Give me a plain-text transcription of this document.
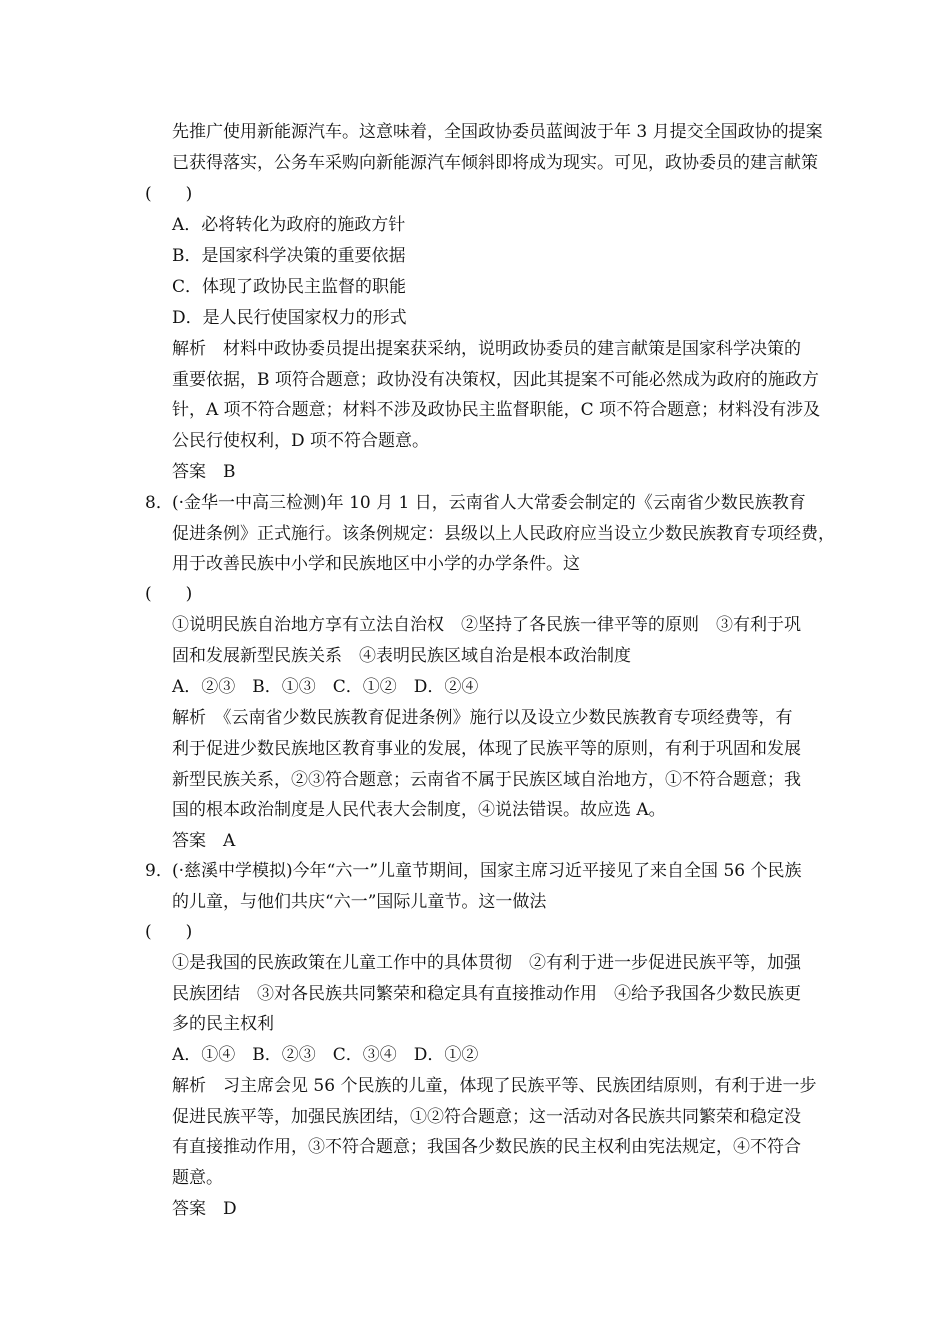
先推广使用新能源汽车。这意味着，全国政协委员蓝闽波于年 3 月提交全国政协的提案
已获得落实，公务车采购向新能源汽车倾斜即将成为现实。可见，政协委员的建言献策
(　　)
A．必将转化为政府的施政方针
B．是国家科学决策的重要依据
C．体现了政协民主监督的职能
D．是人民行使国家权力的形式
解析　材料中政协委员提出提案获采纳，说明政协委员的建言献策是国家科学决策的
重要依据，B 项符合题意；政协没有决策权，因此其提案不可能必然成为政府的施政方
针，A 项不符合题意；材料不涉及政协民主监督职能，C 项不符合题意；材料没有涉及
公民行使权利，D 项不符合题意。
答案　B
8． (·金华一中高三检测)年 10 月 1 日，云南省人大常委会制定的《云南省少数民族教育
促进条例》正式施行。该条例规定：县级以上人民政府应当设立少数民族教育专项经费，
用于改善民族中小学和民族地区中小学的办学条件。这
(　　)
①说明民族自治地方享有立法自治权　②坚持了各民族一律平等的原则　③有利于巩
固和发展新型民族关系　④表明民族区域自治是根本政治制度
A．②③　B．①③　C．①②　D．②④
解析　《云南省少数民族教育促进条例》施行以及设立少数民族教育专项经费等，有
利于促进少数民族地区教育事业的发展，体现了民族平等的原则，有利于巩固和发展
新型民族关系，②③符合题意；云南省不属于民族区域自治地方，①不符合题意；我
国的根本政治制度是人民代表大会制度，④说法错误。故应选 A。
答案　A
9． (·慈溪中学模拟)今年“六一”儿童节期间，国家主席习近平接见了来自全国 56 个民族
的儿童，与他们共庆“六一”国际儿童节。这一做法
(　　)
①是我国的民族政策在儿童工作中的具体贯彻　②有利于进一步促进民族平等，加强
民族团结　③对各民族共同繁荣和稳定具有直接推动作用　④给予我国各少数民族更
多的民主权利
A．①④　B．②③　C．③④　D．①②
解析　习主席会见 56 个民族的儿童，体现了民族平等、民族团结原则，有利于进一步
促进民族平等，加强民族团结，①②符合题意；这一活动对各民族共同繁荣和稳定没
有直接推动作用，③不符合题意；我国各少数民族的民主权利由宪法规定，④不符合
题意。
答案　D
